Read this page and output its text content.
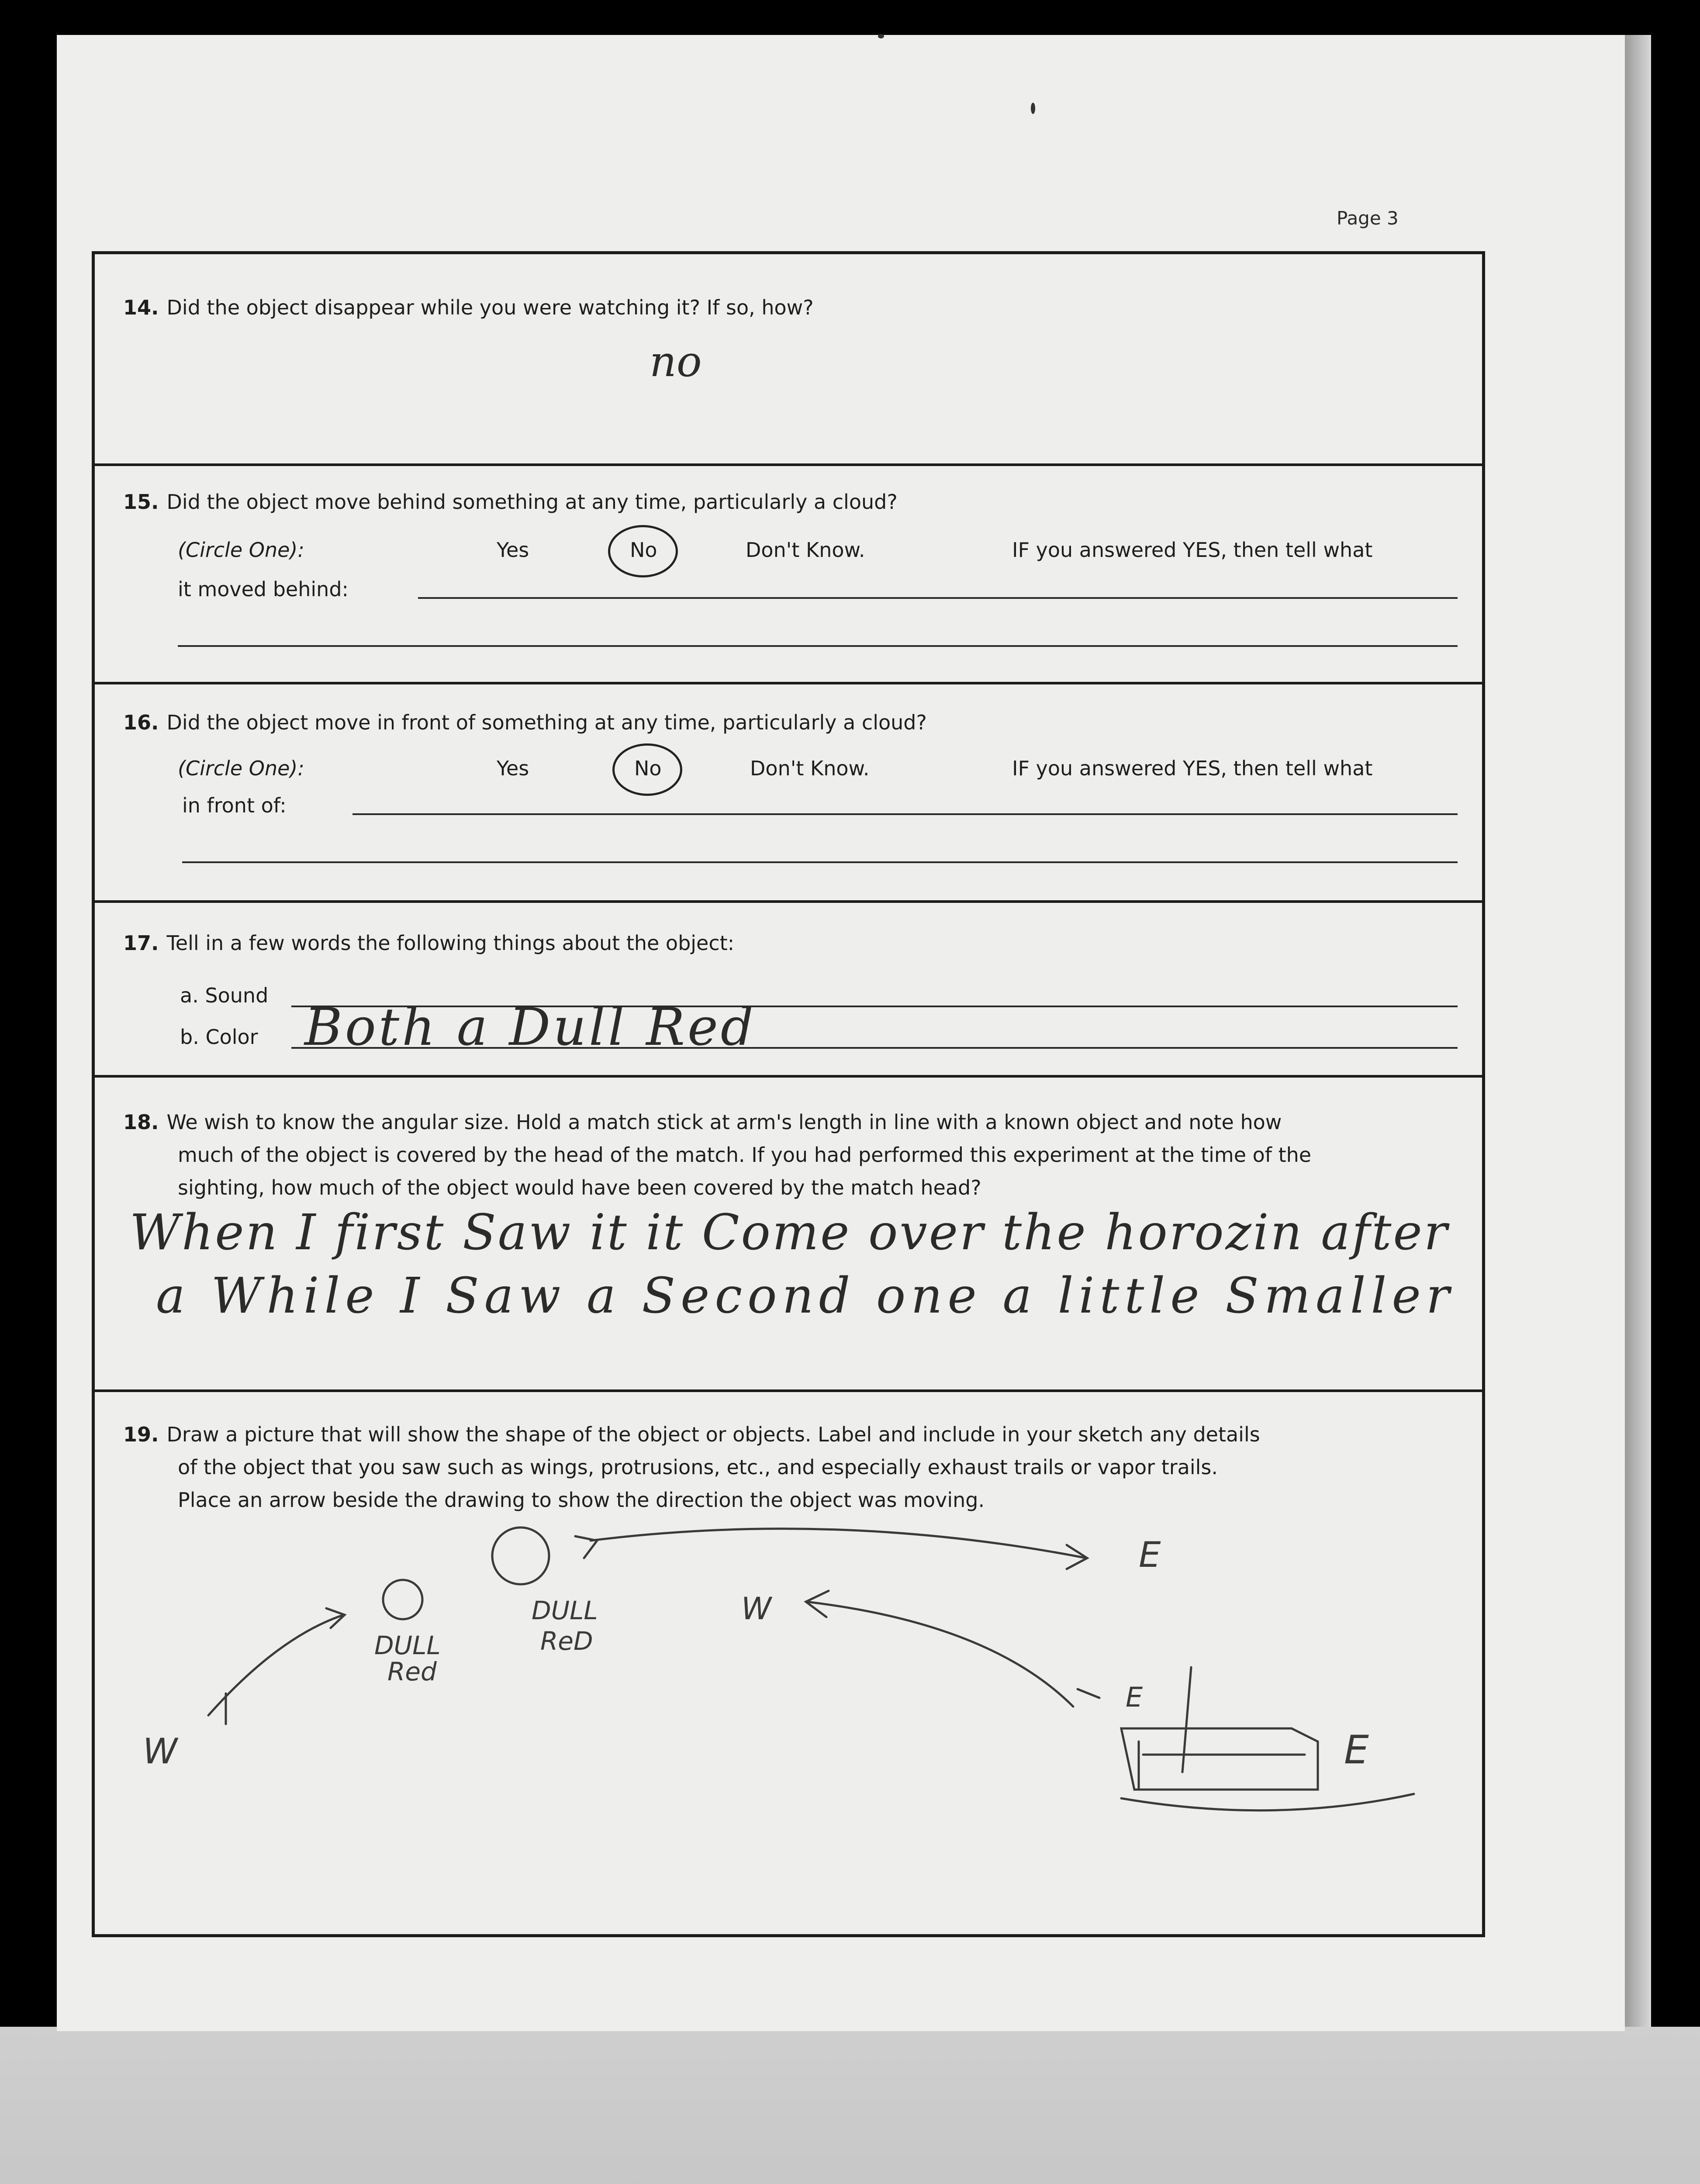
Page 3
14. Did the object disappear while you were watching it? If so, how?
no
15. Did the object move behind something at any time, particularly a cloud?
(Circle One):	Yes	No	Don't Know.	IF you answered YES, then tell what
it moved behind:
16. Did the object move in front of something at any time, particularly a cloud?
(Circle One):	Yes	No	Don't Know.	IF you answered YES, then tell what
in front of:
17. Tell in a few words the following things about the object:
a. Sound
b. Color Both a Dull Red
18. We wish to know the angular size. Hold a match stick at arm's length in line with a known object and note how
much of the object is covered by the head of the match. If you had performed this experiment at the time of the
sighting, how much of the object would have been covered by the match head?
When I first Saw it it Come over the horozin after
a While I Saw a Second one a little Smaller
19. Draw a picture that will show the shape of the object or objects. Label and include in your sketch any details
of the object that you saw such as wings, protrusions, etc., and especially exhaust trails or vapor trails.
Place an arrow beside the drawing to show the direction the object was moving.
DULL
Red
DULL
ReD
W
W
E
E
E
